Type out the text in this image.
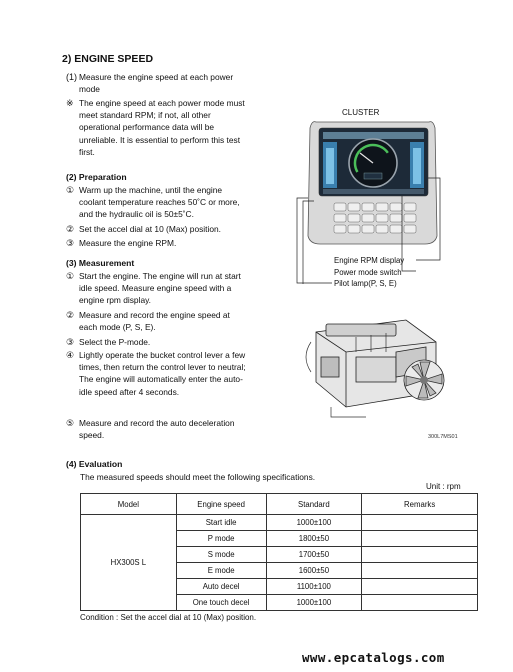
2) ENGINE SPEED
(1) Measure the engine speed at each power mode
※ The engine speed at each power mode must meet standard RPM; if not, all other operational performance data will be unreliable. It is essential to perform this test first.
(2) Preparation
① Warm up the machine, until the engine coolant temperature reaches 50˚C or more, and the hydraulic oil is 50±5˚C.
② Set the accel dial at 10 (Max) position.
③ Measure the engine RPM.
(3) Measurement
① Start the engine. The engine will run at start idle speed. Measure engine speed with a engine rpm display.
② Measure and record the engine speed at each mode (P, S, E).
③ Select the P-mode.
④ Lightly operate the bucket control lever a few times, then return the control lever to neutral; The engine will automatically enter the auto-idle speed after 4 seconds.
⑤ Measure and record the auto deceleration speed.
CLUSTER
Engine RPM display
Power mode switch
Pilot lamp(P, S, E)
300L7MS01
(4) Evaluation
The measured speeds should meet the following specifications.
Unit : rpm
Model	Engine speed	Standard	Remarks
HX300S L	Start idle	1000±100	
	P mode	1800±50	
	S mode	1700±50	
	E mode	1600±50	
	Auto decel	1100±100	
	One touch decel	1000±100	
Condition : Set the accel dial at 10 (Max) position.
www.epcatalogs.com
